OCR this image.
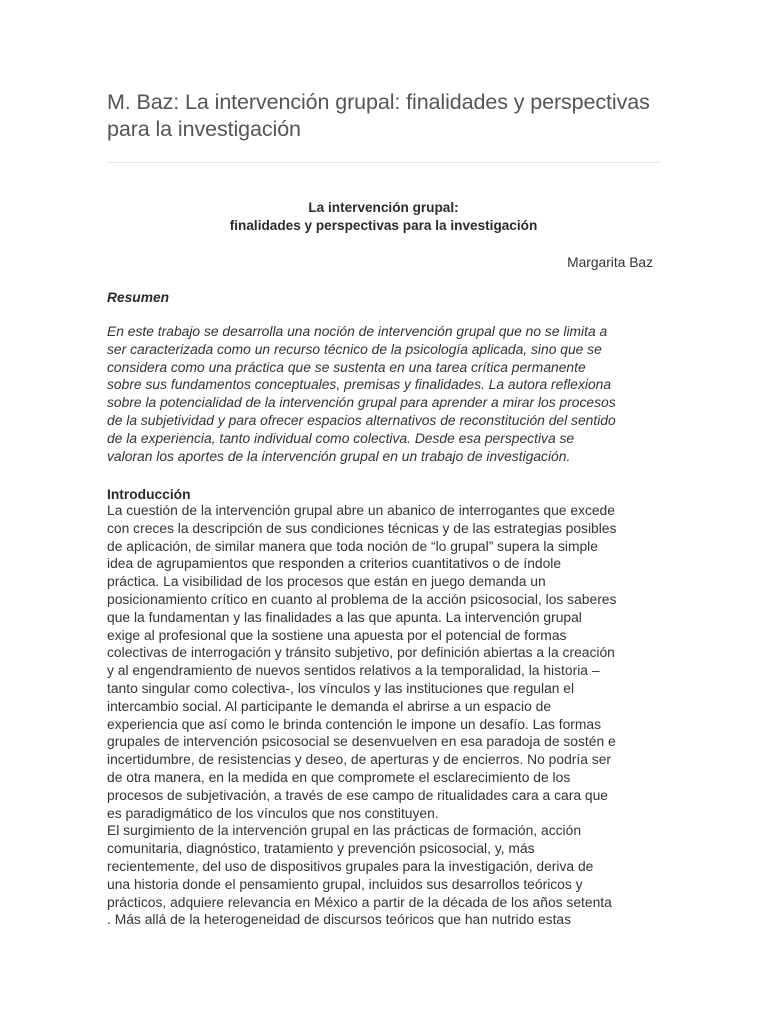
M. Baz: La intervención grupal: finalidades y perspectivas para la investigación
La intervención grupal:
finalidades y perspectivas para la investigación
Margarita Baz
Resumen
En este trabajo se desarrolla una noción de intervención grupal que no se limita a
ser caracterizada como un recurso técnico de la psicología aplicada, sino que se
considera como una práctica que se sustenta en una tarea crítica permanente
sobre sus fundamentos conceptuales, premisas y finalidades. La autora reflexiona
sobre la potencialidad de la intervención grupal para aprender a mirar los procesos
de la subjetividad y para ofrecer espacios alternativos de reconstitución del sentido
de la experiencia, tanto individual como colectiva. Desde esa perspectiva se
valoran los aportes de la intervención grupal en un trabajo de investigación.
Introducción
La cuestión de la intervención grupal abre un abanico de interrogantes que excede
con creces la descripción de sus condiciones técnicas y de las estrategias posibles
de aplicación, de similar manera que toda noción de “lo grupal” supera la simple
idea de agrupamientos que responden a criterios cuantitativos o de índole
práctica. La visibilidad de los procesos que están en juego demanda un
posicionamiento crítico en cuanto al problema de la acción psicosocial, los saberes
que la fundamentan y las finalidades a las que apunta. La intervención grupal
exige al profesional que la sostiene una apuesta por el potencial de formas
colectivas de interrogación y tránsito subjetivo, por definición abiertas a la creación
y al engendramiento de nuevos sentidos relativos a la temporalidad, la historia –
tanto singular como colectiva-, los vínculos y las instituciones que regulan el
intercambio social. Al participante le demanda el abrirse a un espacio de
experiencia que así como le brinda contención le impone un desafío. Las formas
grupales de intervención psicosocial se desenvuelven en esa paradoja de sostén e
incertidumbre, de resistencias y deseo, de aperturas y de encierros. No podría ser
de otra manera, en la medida en que compromete el esclarecimiento de los
procesos de subjetivación, a través de ese campo de ritualidades cara a cara que
es paradigmático de los vínculos que nos constituyen.
El surgimiento de la intervención grupal en las prácticas de formación, acción
comunitaria, diagnóstico, tratamiento y prevención psicosocial, y, más
recientemente, del uso de dispositivos grupales para la investigación, deriva de
una historia donde el pensamiento grupal, incluidos sus desarrollos teóricos y
prácticos, adquiere relevancia en México a partir de la década de los años setenta
. Más allá de la heterogeneidad de discursos teóricos que han nutrido estas
